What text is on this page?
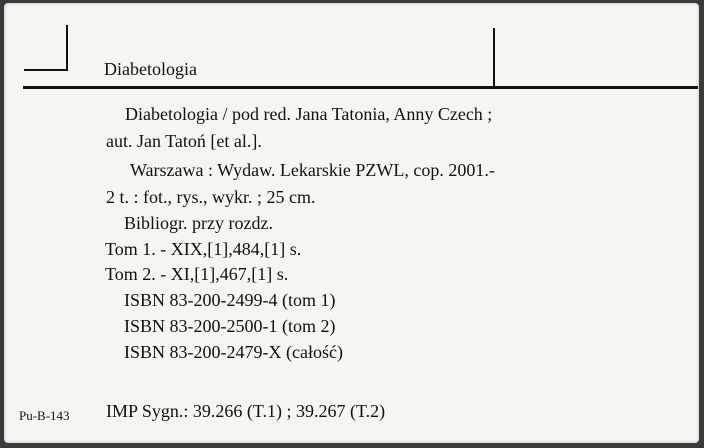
Diabetologia
Diabetologia / pod red. Jana Tatonia, Anny Czech ;
aut. Jan Tatoń [et al.].
Warszawa : Wydaw. Lekarskie PZWL, cop. 2001.-
2 t. : fot., rys., wykr. ; 25 cm.
Bibliogr. przy rozdz.
Tom 1. - XIX,[1],484,[1] s.
Tom 2. - XI,[1],467,[1] s.
ISBN 83-200-2499-4 (tom 1)
ISBN 83-200-2500-1 (tom 2)
ISBN 83-200-2479-X (całość)
Pu-B-143 IMP Sygn.: 39.266 (T.1) ; 39.267 (T.2)
